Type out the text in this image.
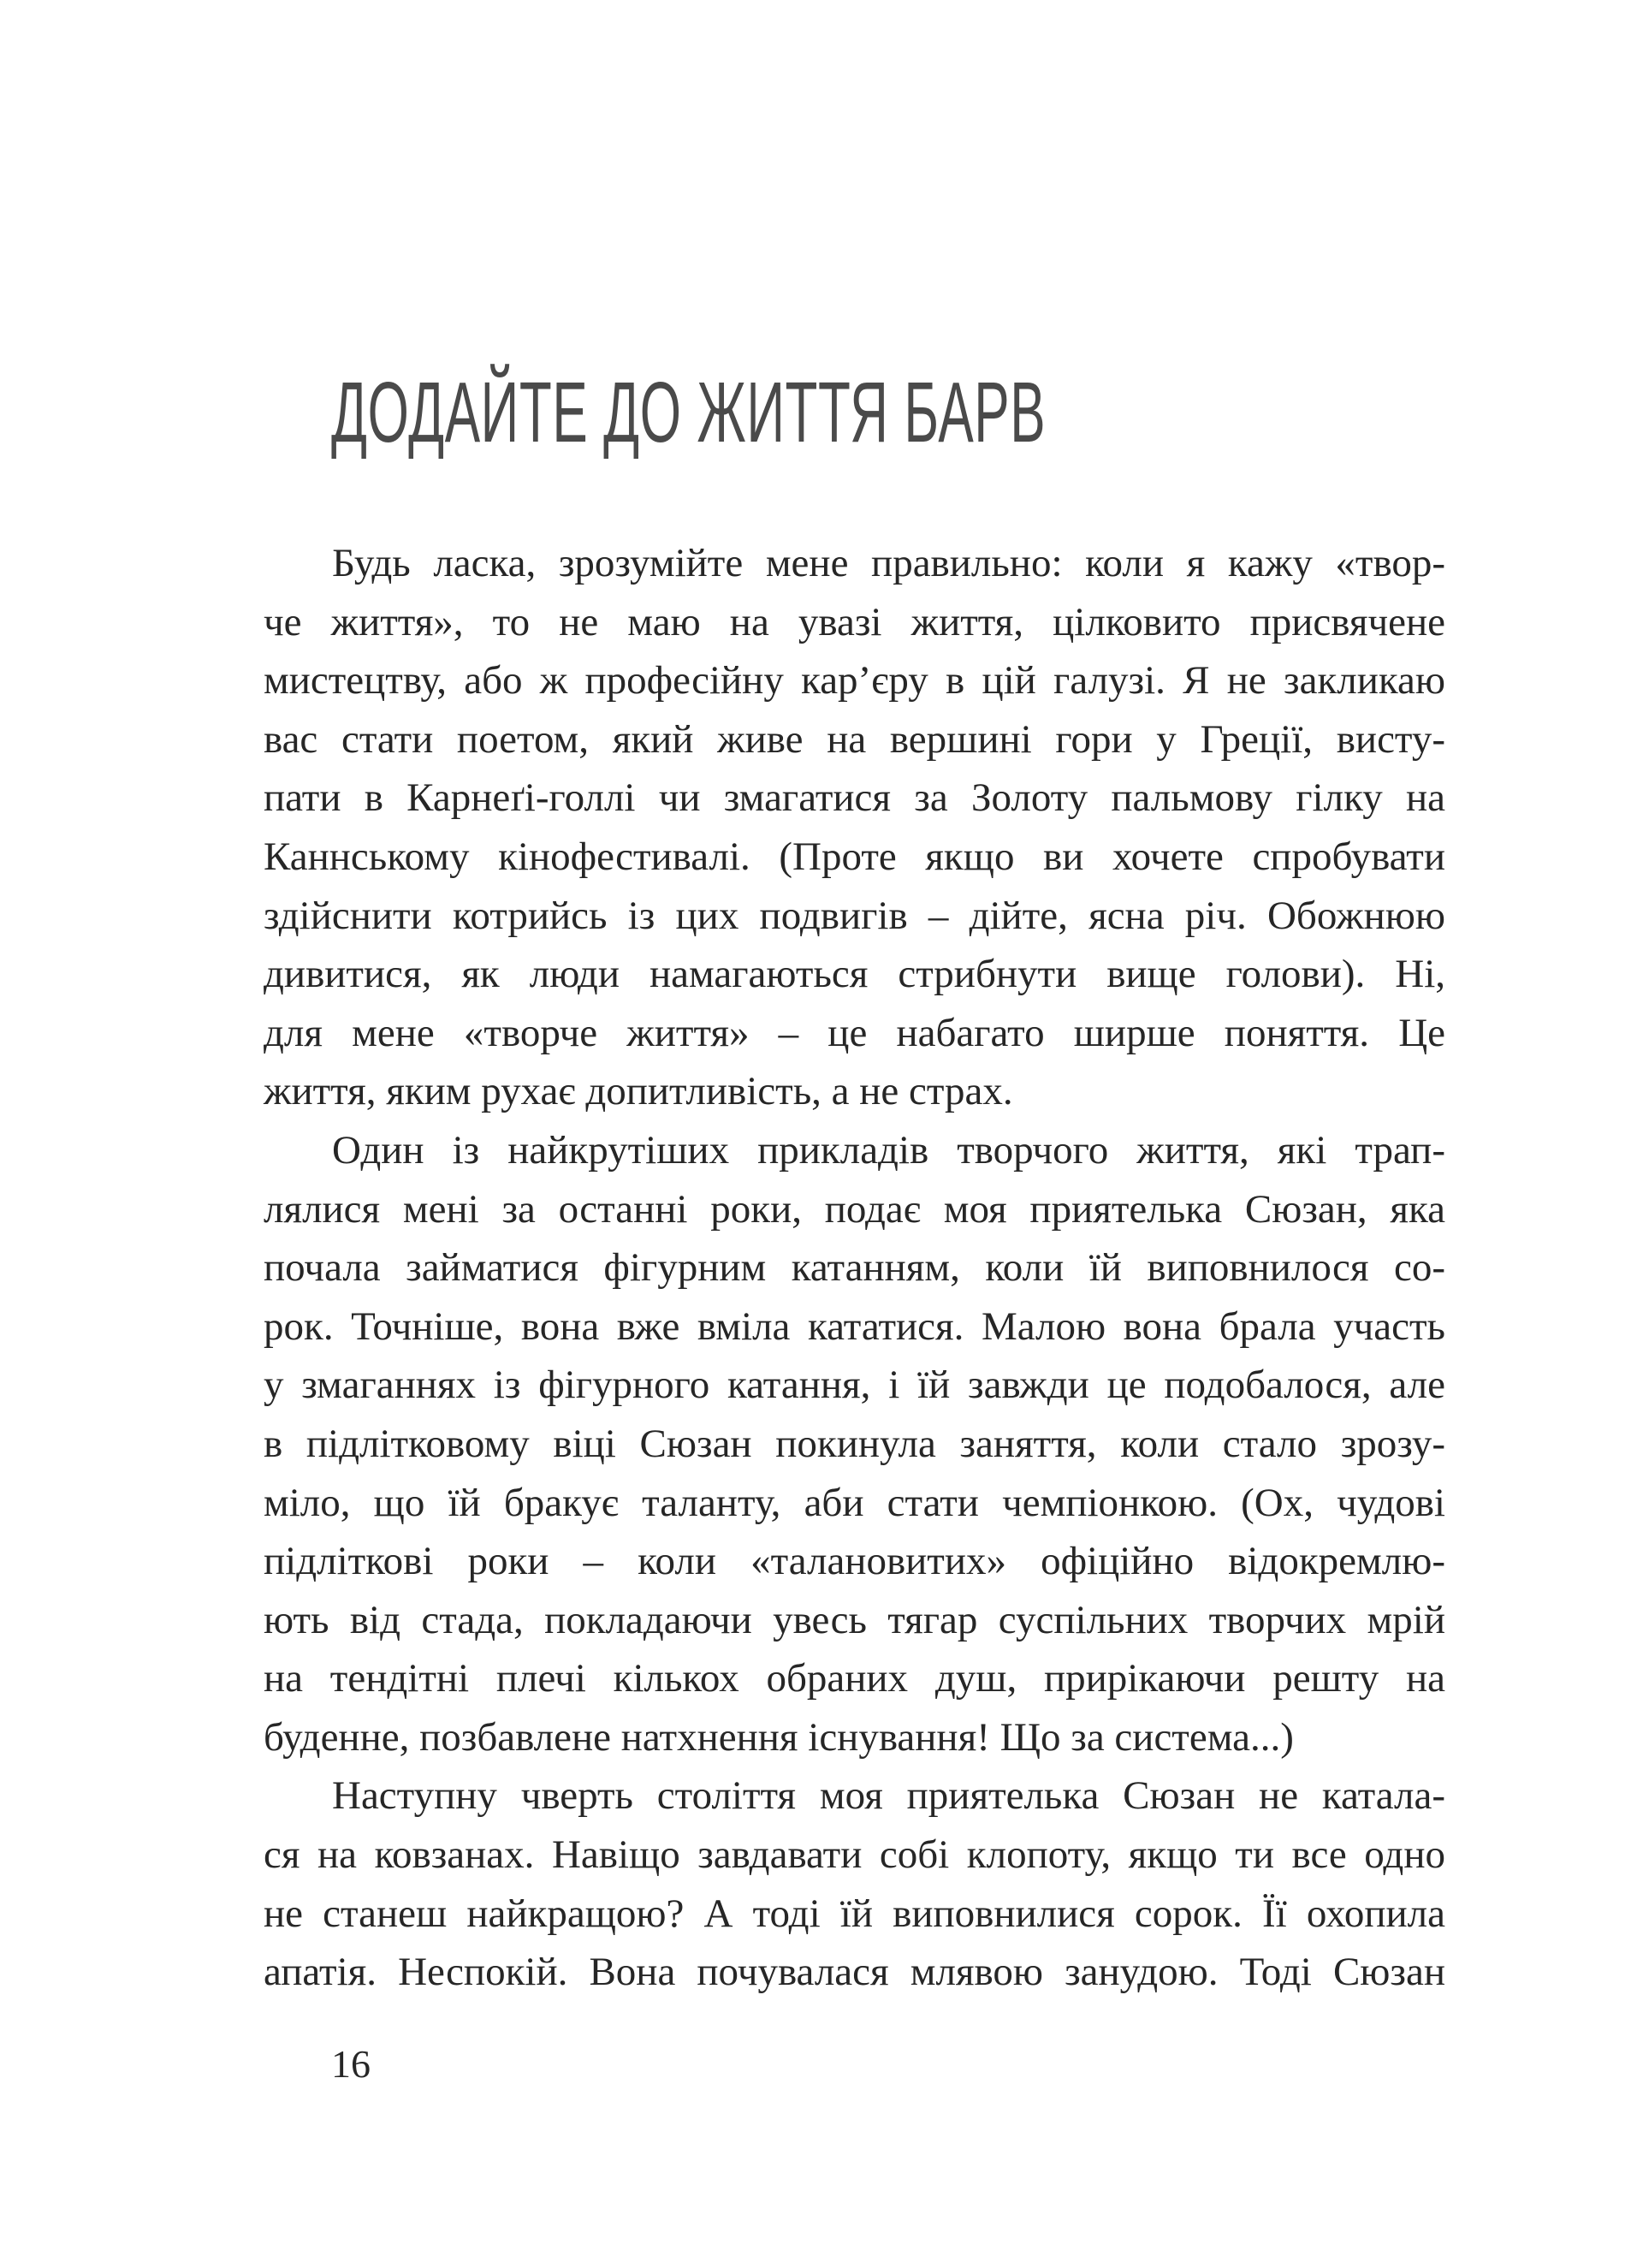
ДОДАЙТЕ ДО ЖИТТЯ БАРВ
Будь ласка, зрозумійте мене правильно: коли я кажу «твор-
че життя», то не маю на увазі життя, цілковито присвячене
мистецтву, або ж професійну кар’єру в цій галузі. Я не закликаю
вас стати поетом, який живе на вершині гори у Греції, висту-
пати в Карнеґі-голлі чи змагатися за Золоту пальмову гілку на
Каннському кінофестивалі. (Проте якщо ви хочете спробувати
здійснити котрийсь із цих подвигів – дійте, ясна річ. Обожнюю
дивитися, як люди намагаються стрибнути вище голови). Ні,
для мене «творче життя» – це набагато ширше поняття. Це
життя, яким рухає допитливість, а не страх.
Один із найкрутіших прикладів творчого життя, які трап-
лялися мені за останні роки, подає моя приятелька Сюзан, яка
почала займатися фігурним катанням, коли їй виповнилося со-
рок. Точніше, вона вже вміла кататися. Малою вона брала участь
у змаганнях із фігурного катання, і їй завжди це подобалося, але
в підлітковому віці Сюзан покинула заняття, коли стало зрозу-
міло, що їй бракує таланту, аби стати чемпіонкою. (Ох, чудові
підліткові роки – коли «талановитих» офіційно відокремлю-
ють від стада, покладаючи увесь тягар суспільних творчих мрій
на тендітні плечі кількох обраних душ, прирікаючи решту на
буденне, позбавлене натхнення існування! Що за система...)
Наступну чверть століття моя приятелька Сюзан не катала-
ся на ковзанах. Навіщо завдавати собі клопоту, якщо ти все одно
не станеш найкращою? А тоді їй виповнилися сорок. Її охопила
апатія. Неспокій. Вона почувалася млявою занудою. Тоді Сюзан
16
